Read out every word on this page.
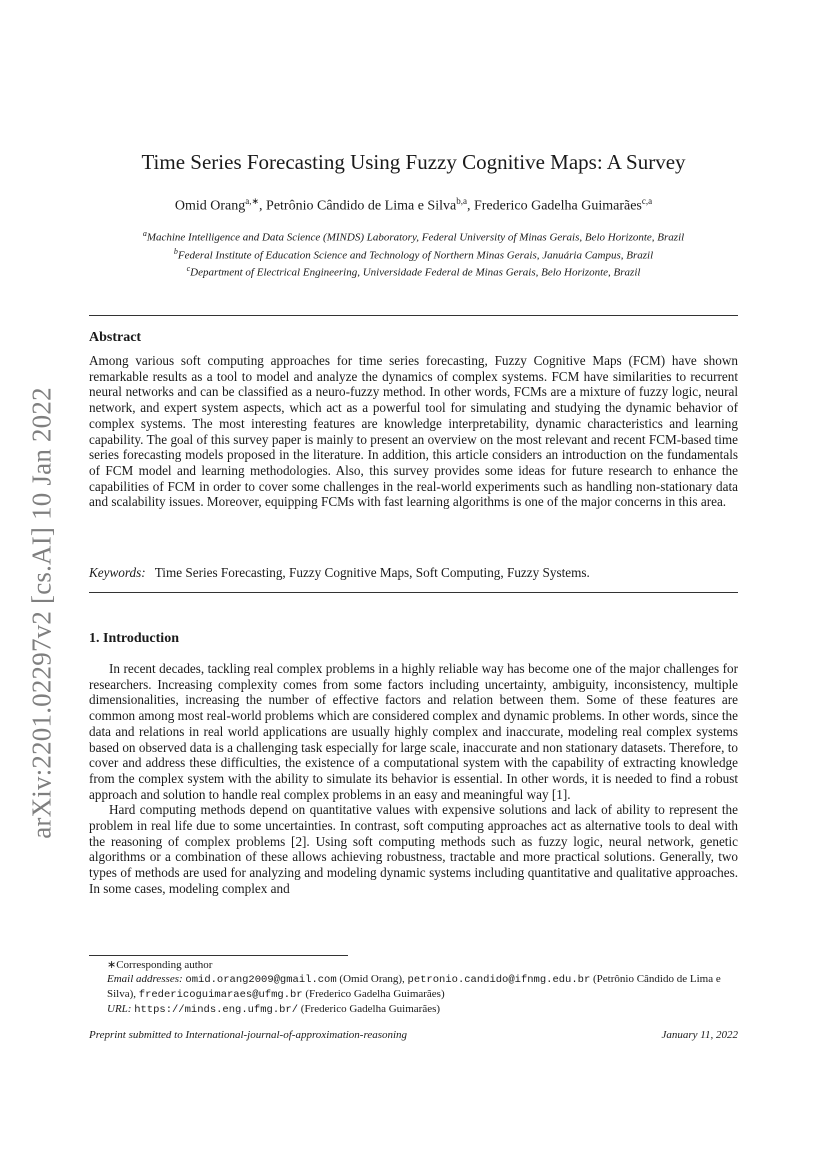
arXiv:2201.02297v2 [cs.AI] 10 Jan 2022
Time Series Forecasting Using Fuzzy Cognitive Maps: A Survey
Omid Orang$^{a,∗}$, Petrônio Cândido de Lima e Silva$^{b,a}$, Frederico Gadelha Guimarães$^{c,a}$
$^a$Machine Intelligence and Data Science (MINDS) Laboratory, Federal University of Minas Gerais, Belo Horizonte, Brazil
$^b$Federal Institute of Education Science and Technology of Northern Minas Gerais, Januária Campus, Brazil
$^c$Department of Electrical Engineering, Universidade Federal de Minas Gerais, Belo Horizonte, Brazil
Abstract
Among various soft computing approaches for time series forecasting, Fuzzy Cognitive Maps (FCM) have shown remarkable results as a tool to model and analyze the dynamics of complex systems. FCM have similarities to recurrent neural networks and can be classified as a neuro-fuzzy method. In other words, FCMs are a mixture of fuzzy logic, neural network, and expert system aspects, which act as a powerful tool for simulating and studying the dynamic behavior of complex systems. The most interesting features are knowledge interpretability, dynamic characteristics and learning capability. The goal of this survey paper is mainly to present an overview on the most relevant and recent FCM-based time series forecasting models proposed in the literature. In addition, this article considers an introduction on the fundamentals of FCM model and learning methodologies. Also, this survey provides some ideas for future research to enhance the capabilities of FCM in order to cover some challenges in the real-world experiments such as handling non-stationary data and scalability issues. Moreover, equipping FCMs with fast learning algorithms is one of the major concerns in this area.
Keywords: Time Series Forecasting, Fuzzy Cognitive Maps, Soft Computing, Fuzzy Systems.
1. Introduction

In recent decades, tackling real complex problems in a highly reliable way has become one of the major challenges for researchers. Increasing complexity comes from some factors including uncertainty, ambiguity, inconsistency, multiple dimensionalities, increasing the number of effective factors and relation between them. Some of these features are common among most real-world problems which are considered complex and dynamic problems. In other words, since the data and relations in real world applications are usually highly complex and inaccurate, modeling real complex systems based on observed data is a challenging task especially for large scale, inaccurate and non stationary datasets. Therefore, to cover and address these difficulties, the existence of a computational system with the capability of extracting knowledge from the complex system with the ability to simulate its behavior is essential. In other words, it is needed to find a robust approach and solution to handle real complex problems in an easy and meaningful way [1].

Hard computing methods depend on quantitative values with expensive solutions and lack of ability to represent the problem in real life due to some uncertainties. In contrast, soft computing approaches act as alternative tools to deal with the reasoning of complex problems [2]. Using soft computing methods such as fuzzy logic, neural network, genetic algorithms or a combination of these allows achieving robustness, tractable and more practical solutions. Generally, two types of methods are used for analyzing and modeling dynamic systems including quantitative and qualitative approaches. In some cases, modeling complex and

∗Corresponding author

Email addresses: omid.orang2009@gmail.com (Omid Orang), petronio.candido@ifnmg.edu.br (Petrônio Cândido de Lima e Silva), fredericoguimaraes@ufmg.br (Frederico Gadelha Guimarães)

URL: https://minds.eng.ufmg.br/ (Frederico Gadelha Guimarães)

Preprint submitted to International-journal-of-approximation-reasoning	January 11, 2022
